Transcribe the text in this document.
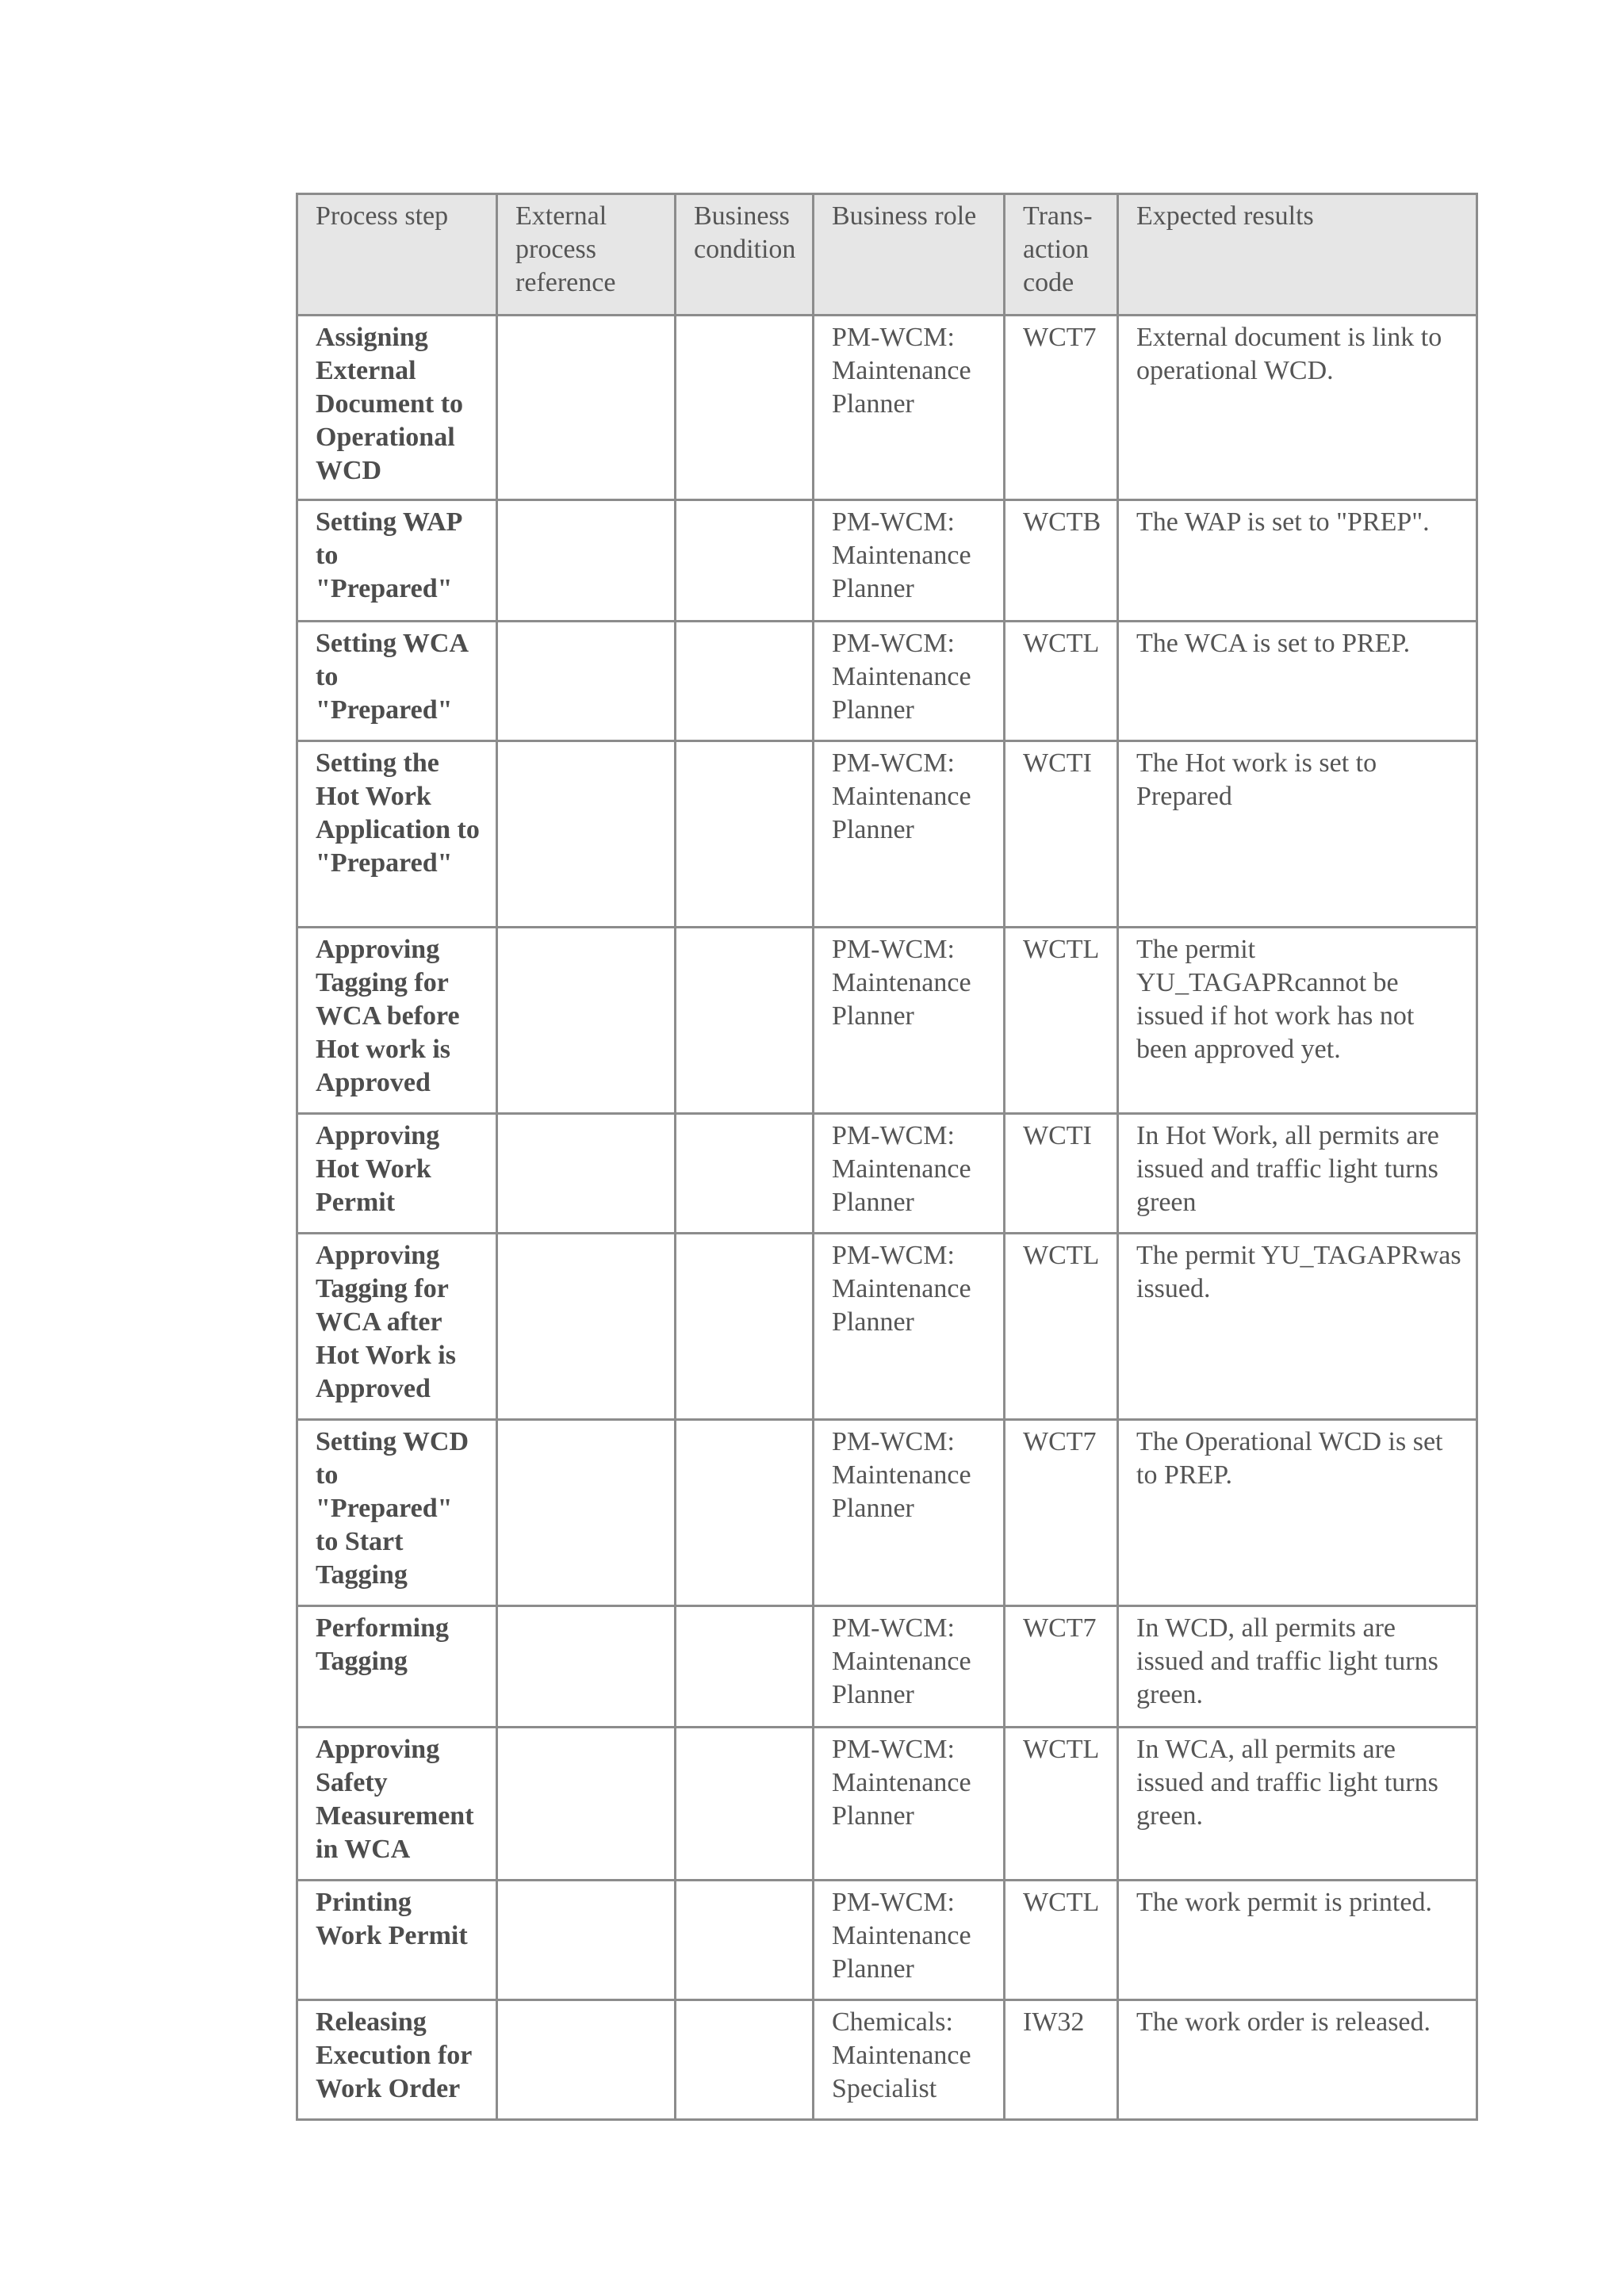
Process step	External process reference	Business condition	Business role	Trans- action code	Expected results
Assigning External Document to Operational WCD			PM-WCM: Maintenance Planner	WCT7	External document is link to operational WCD.
Setting WAP to "Prepared"			PM-WCM: Maintenance Planner	WCTB	The WAP is set to "PREP".
Setting WCA to "Prepared"			PM-WCM: Maintenance Planner	WCTL	The WCA is set to PREP.
Setting the Hot Work Application to "Prepared"			PM-WCM: Maintenance Planner	WCTI	The Hot work is set to Prepared
Approving Tagging for WCA before Hot work is Approved			PM-WCM: Maintenance Planner	WCTL	The permit YU_TAGAPRcannot be issued if hot work has not been approved yet.
Approving Hot Work Permit			PM-WCM: Maintenance Planner	WCTI	In Hot Work, all permits are issued and traffic light turns green
Approving Tagging for WCA after Hot Work is Approved			PM-WCM: Maintenance Planner	WCTL	The permit YU_TAGAPRwas issued.
Setting WCD to "Prepared" to Start Tagging			PM-WCM: Maintenance Planner	WCT7	The Operational WCD is set to PREP.
Performing Tagging			PM-WCM: Maintenance Planner	WCT7	In WCD, all permits are issued and traffic light turns green.
Approving Safety Measurement in WCA			PM-WCM: Maintenance Planner	WCTL	In WCA, all permits are issued and traffic light turns green.
Printing Work Permit			PM-WCM: Maintenance Planner	WCTL	The work permit is printed.
Releasing Execution for Work Order			Chemicals: Maintenance Specialist	IW32	The work order is released.
